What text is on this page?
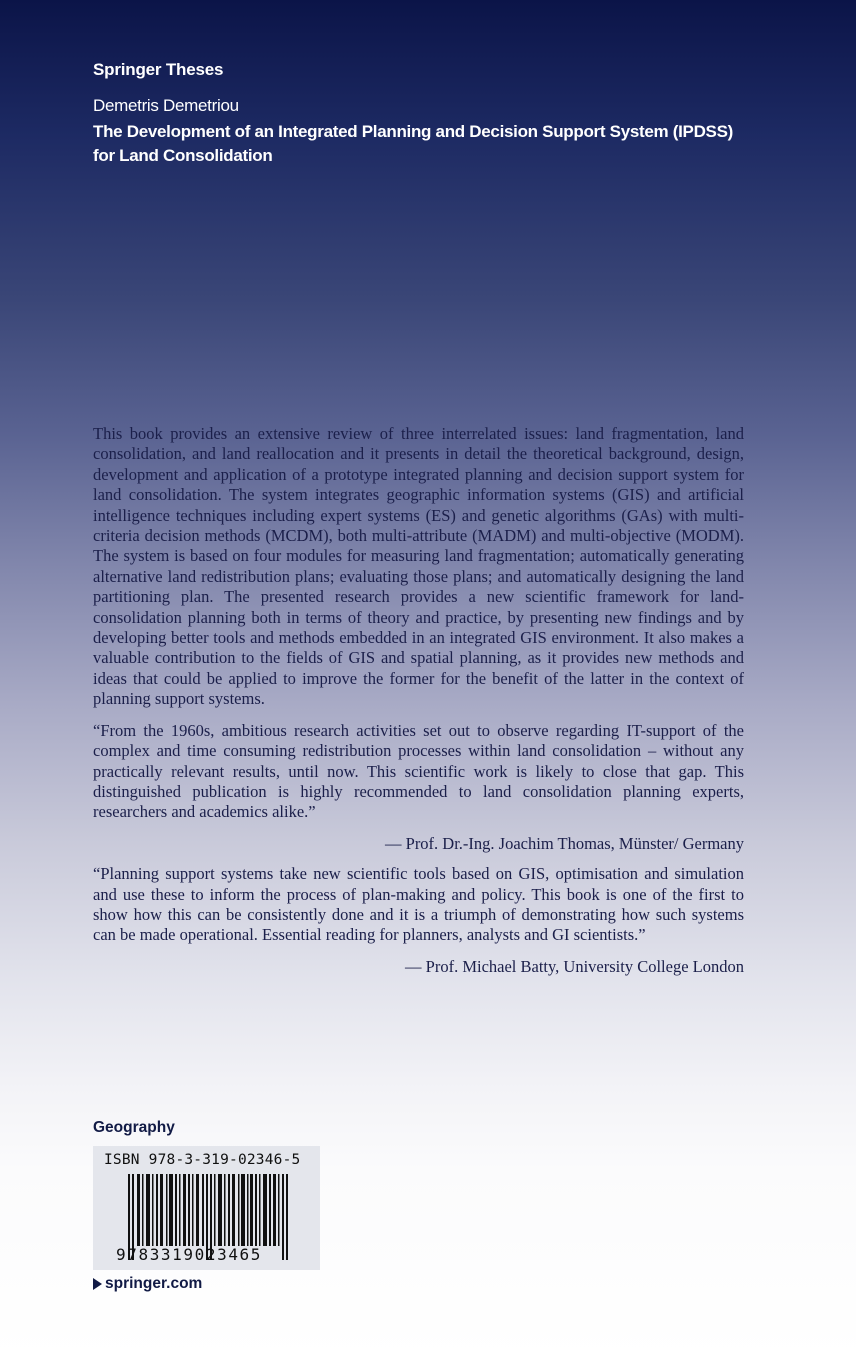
Springer Theses
Demetris Demetriou
The Development of an Integrated Planning and Decision Support System (IPDSS)
for Land Consolidation

This book provides an extensive review of three interrelated issues: land fragmentation, land consolidation, and land reallocation and it presents in detail the theoretical background, design, development and application of a prototype integrated planning and decision support system for land consolidation. The system integrates geographic information systems (GIS) and artificial intelligence techniques including expert systems (ES) and genetic algorithms (GAs) with multi-criteria decision methods (MCDM), both multi-attribute (MADM) and multi-objective (MODM). The system is based on four modules for measuring land fragmentation; automatically generating alternative land redistribution plans; evaluating those plans; and automatically designing the land partitioning plan. The presented research provides a new scientific framework for land-consolidation planning both in terms of theory and practice, by presenting new findings and by developing better tools and methods embedded in an integrated GIS environment. It also makes a valuable contribution to the fields of GIS and spatial planning, as it provides new methods and ideas that could be applied to improve the former for the benefit of the latter in the context of planning support systems.

“From the 1960s, ambitious research activities set out to observe regarding IT-support of the complex and time consuming redistribution processes within land consolidation – without any practically relevant results, until now. This scientific work is likely to close that gap. This distinguished publication is highly recommended to land consolidation planning experts, researchers and academics alike.”

— Prof. Dr.-Ing. Joachim Thomas, Münster/ Germany

“Planning support systems take new scientific tools based on GIS, optimisation and simulation and use these to inform the process of plan-making and policy. This book is one of the first to show how this can be consistently done and it is a triumph of demonstrating how such systems can be made operational. Essential reading for planners, analysts and GI scientists.”

— Prof. Michael Batty, University College London

Geography
ISBN 978-3-319-02346-5
9783319023465
springer.com
